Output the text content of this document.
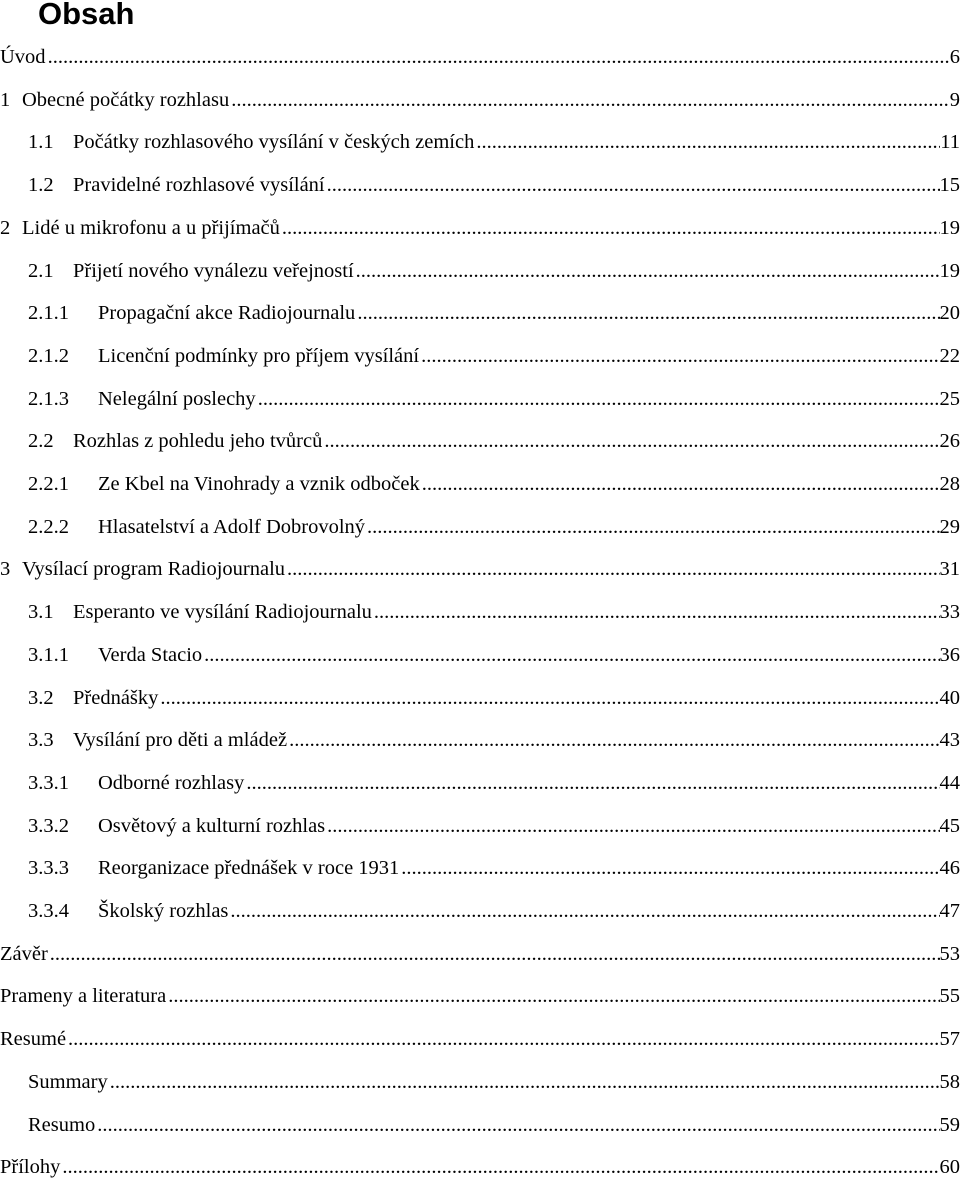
Obsah
Úvod .....	6
1 Obecné počátky rozhlasu .....	9
1.1 Počátky rozhlasového vysílání v českých zemích .....	11
1.2 Pravidelné rozhlasové vysílání .....	15
2 Lidé u mikrofonu a u přijímačů .....	19
2.1 Přijetí nového vynálezu veřejností .....	19
2.1.1	Propagační akce Radiojournalu .....	20
2.1.2	Licenční podmínky pro příjem vysílání .....	22
2.1.3	Nelegální poslechy .....	25
2.2 Rozhlas z pohledu jeho tvůrců .....	26
2.2.1	Ze Kbel na Vinohrady a vznik odboček .....	28
2.2.2	Hlasatelství a Adolf Dobrovolný .....	29
3 Vysílací program Radiojournalu .....	31
3.1 Esperanto ve vysílání Radiojournalu .....	33
3.1.1	Verda Stacio .....	36
3.2 Přednášky .....	40
3.3 Vysílání pro děti a mládež .....	43
3.3.1	Odborné rozhlasy .....	44
3.3.2	Osvětový a kulturní rozhlas .....	45
3.3.3	Reorganizace přednášek v roce 1931 .....	46
3.3.4	Školský rozhlas .....	47
Závěr .....	53
Prameny a literatura .....	55
Resumé .....	57
Summary .....	58
Resumo .....	59
Přílohy .....	60
